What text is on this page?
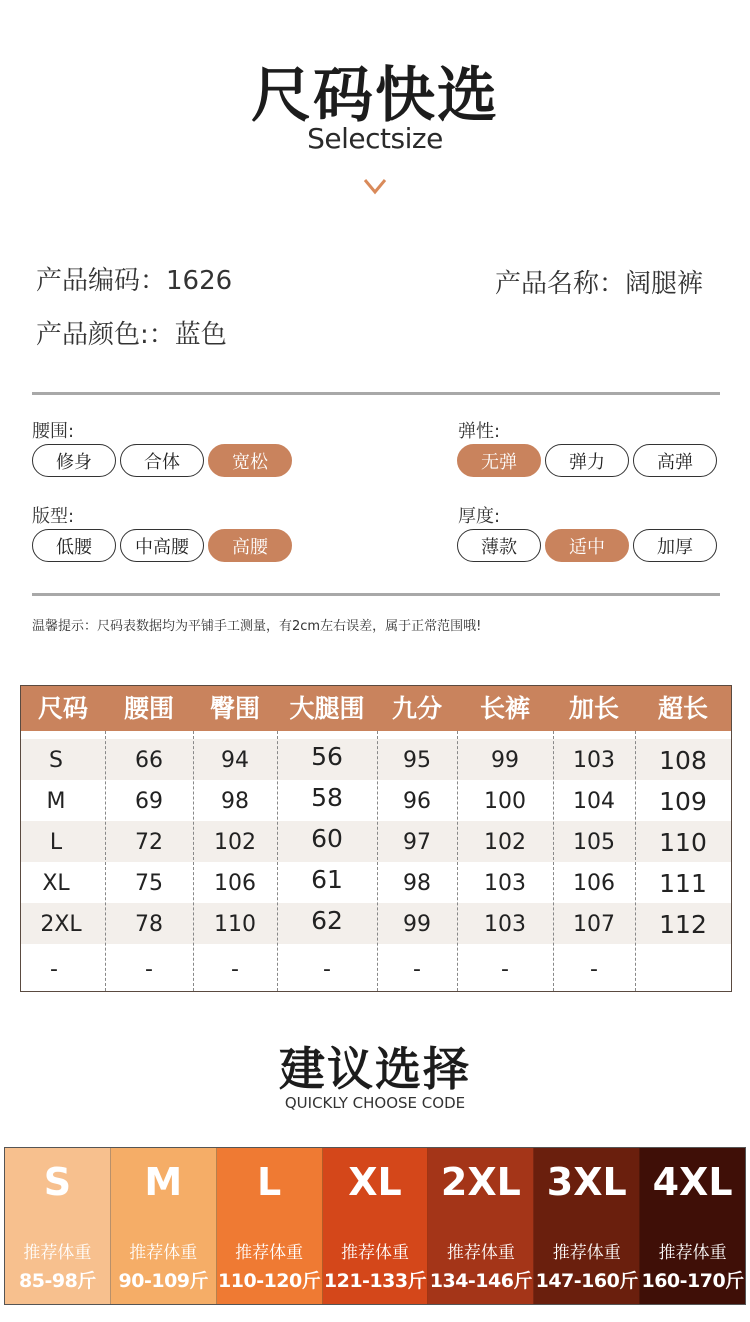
尺码快选
Selectsize
产品编码：1626	产品名称：阔腿裤
产品颜色:：蓝色
腰围:
修身	合体	宽松
弹性:
无弹	弹力	高弹
版型:
低腰	中高腰	高腰
厚度:
薄款	适中	加厚
温馨提示：尺码表数据均为平铺手工测量，有2cm左右误差，属于正常范围哦!
尺码	腰围	臀围	大腿围	九分	长裤	加长	超长
S	66	94	56	95	99	103	108
M	69	98	58	96	100	104	109
L	72	102	60	97	102	105	110
XL	75	106	61	98	103	106	111
2XL	78	110	62	99	103	107	112
-	-	-	-	-	-	-
建议选择
QUICKLY CHOOSE CODE
S
推荐体重
85-98斤
M
推荐体重
90-109斤
L
推荐体重
110-120斤
XL
推荐体重
121-133斤
2XL
推荐体重
134-146斤
3XL
推荐体重
147-160斤
4XL
推荐体重
160-170斤
